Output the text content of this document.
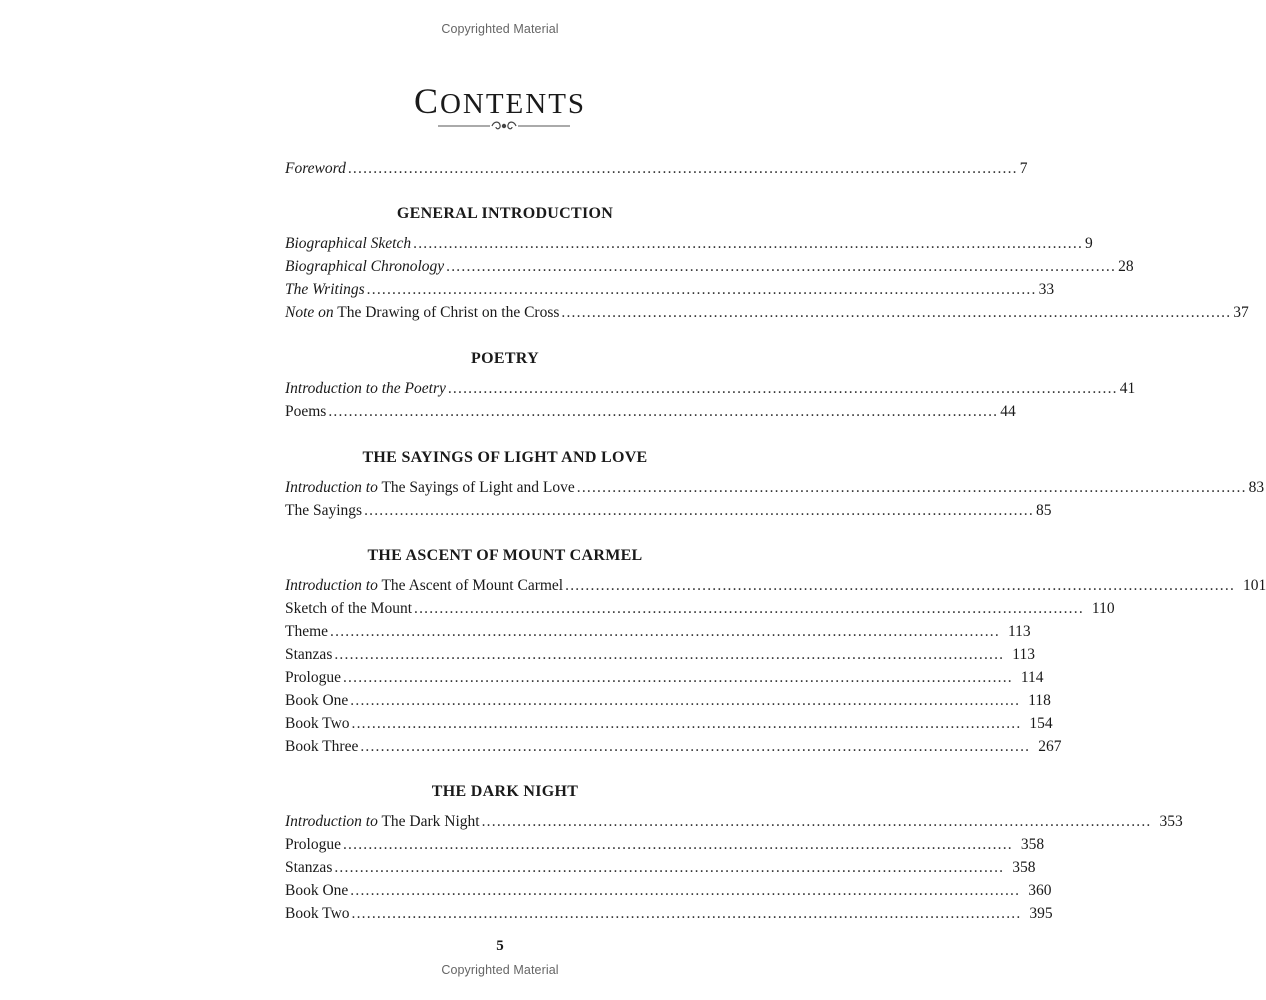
Copyrighted Material
CONTENTS
Foreword .................................................................................................................................... 7
GENERAL INTRODUCTION
Biographical Sketch .................................................................................................................................... 9
Biographical Chronology .................................................................................................................................... 28
The Writings .................................................................................................................................... 33
Note on The Drawing of Christ on the Cross .................................................................................................................................... 37
POETRY
Introduction to the Poetry .................................................................................................................................... 41
Poems .................................................................................................................................... 44
THE SAYINGS OF LIGHT AND LOVE
Introduction to The Sayings of Light and Love .................................................................................................................................... 83
The Sayings .................................................................................................................................... 85
THE ASCENT OF MOUNT CARMEL
Introduction to The Ascent of Mount Carmel .................................................................................................................................... 101
Sketch of the Mount .................................................................................................................................... 110
Theme .................................................................................................................................... 113
Stanzas .................................................................................................................................... 113
Prologue .................................................................................................................................... 114
Book One .................................................................................................................................... 118
Book Two .................................................................................................................................... 154
Book Three .................................................................................................................................... 267
THE DARK NIGHT
Introduction to The Dark Night .................................................................................................................................... 353
Prologue .................................................................................................................................... 358
Stanzas .................................................................................................................................... 358
Book One .................................................................................................................................... 360
Book Two .................................................................................................................................... 395
5
Copyrighted Material
